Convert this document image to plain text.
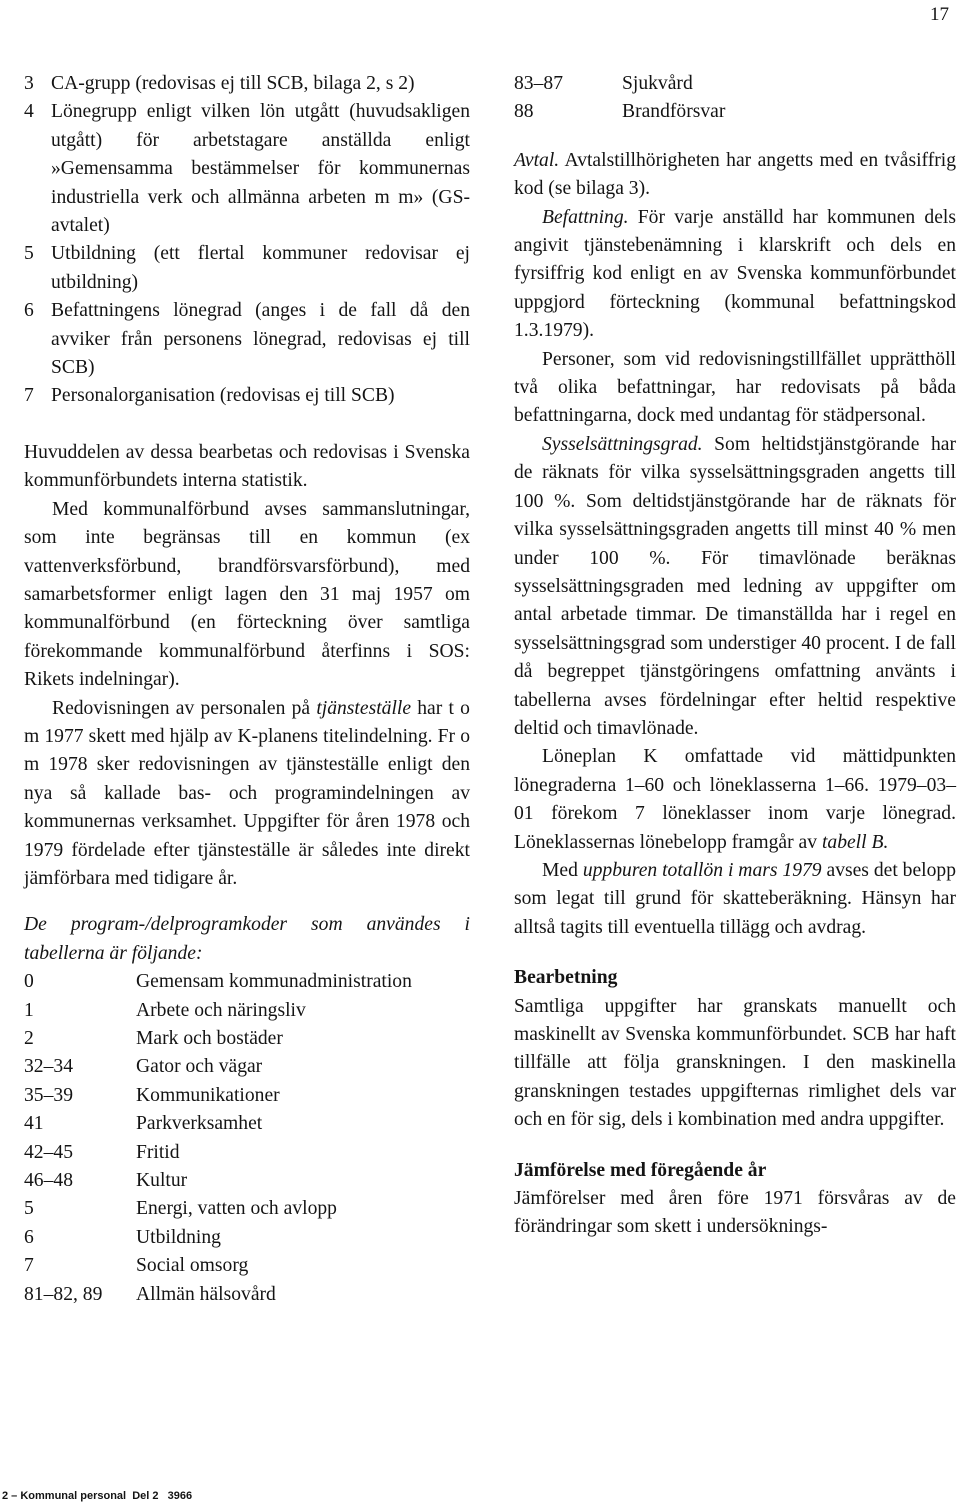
17
3 CA-grupp (redovisas ej till SCB, bilaga 2, s 2)
4 Lönegrupp enligt vilken lön utgått (huvudsakligen utgått) för arbetstagare anställda enligt »Gemensamma bestämmelser för kommunernas industriella verk och allmänna arbeten m m» (GS-avtalet)
5 Utbildning (ett flertal kommuner redovisar ej utbildning)
6 Befattningens lönegrad (anges i de fall då den avviker från personens lönegrad, redovisas ej till SCB)
7 Personalorganisation (redovisas ej till SCB)

Huvuddelen av dessa bearbetas och redovisas i Svenska kommunförbundets interna statistik.

Med kommunalförbund avses sammanslutningar, som inte begränsas till en kommun (ex vattenverksförbund, brandförsvarsförbund), med samarbetsformer enligt lagen den 31 maj 1957 om kommunalförbund (en förteckning över samtliga förekommande kommunalförbund återfinns i SOS: Rikets indelningar).

Redovisningen av personalen på tjänsteställe har t o m 1977 skett med hjälp av K-planens titelindelning. Fr o m 1978 sker redovisningen av tjänsteställe enligt den nya så kallade bas- och programindelningen av kommunernas verksamhet. Uppgifter för åren 1978 och 1979 fördelade efter tjänsteställe är således inte direkt jämförbara med tidigare år.

De program-/delprogramkoder som användes i tabellerna är följande:

0	Gemensam kommunadministration
1	Arbete och näringsliv
2	Mark och bostäder
32–34	Gator och vägar
35–39	Kommunikationer
41	Parkverksamhet
42–45	Fritid
46–48	Kultur
5	Energi, vatten och avlopp
6	Utbildning
7	Social omsorg
81–82, 89	Allmän hälsovård
83–87	Sjukvård
88	Brandförsvar

Avtal. Avtalstillhörigheten har angetts med en tvåsiffrig kod (se bilaga 3).

Befattning. För varje anställd har kommunen dels angivit tjänstebenämning i klarskrift och dels en fyrsiffrig kod enligt en av Svenska kommunförbundet uppgjord förteckning (kommunal befattningskod 1.3.1979).

Personer, som vid redovisningstillfället upprätthöll två olika befattningar, har redovisats på båda befattningarna, dock med undantag för städpersonal.

Sysselsättningsgrad. Som heltidstjänstgörande har de räknats för vilka sysselsättningsgraden angetts till 100 %. Som deltidstjänstgörande har de räknats för vilka sysselsättningsgraden angetts till minst 40 % men under 100 %. För timavlönade beräknas sysselsättningsgraden med ledning av uppgifter om antal arbetade timmar. De timanställda har i regel en sysselsättningsgrad som understiger 40 procent. I de fall då begreppet tjänstgöringens omfattning använts i tabellerna avses fördelningar efter heltid respektive deltid och timavlönade.

Löneplan K omfattade vid mättidpunkten lönegraderna 1–60 och löneklasserna 1–66. 1979–03–01 förekom 7 löneklasser inom varje lönegrad. Löneklassernas lönebelopp framgår av tabell B.

Med uppburen totallön i mars 1979 avses det belopp som legat till grund för skatteberäkning. Hänsyn har alltså tagits till eventuella tillägg och avdrag.

Bearbetning

Samtliga uppgifter har granskats manuellt och maskinellt av Svenska kommunförbundet. SCB har haft tillfälle att följa granskningen. I den maskinella granskningen testades uppgifternas rimlighet dels var och en för sig, dels i kombination med andra uppgifter.

Jämförelse med föregående år

Jämförelser med åren före 1971 försvåras av de förändringar som skett i undersöknings-

2 – Kommunal personal  Del 2   3966
